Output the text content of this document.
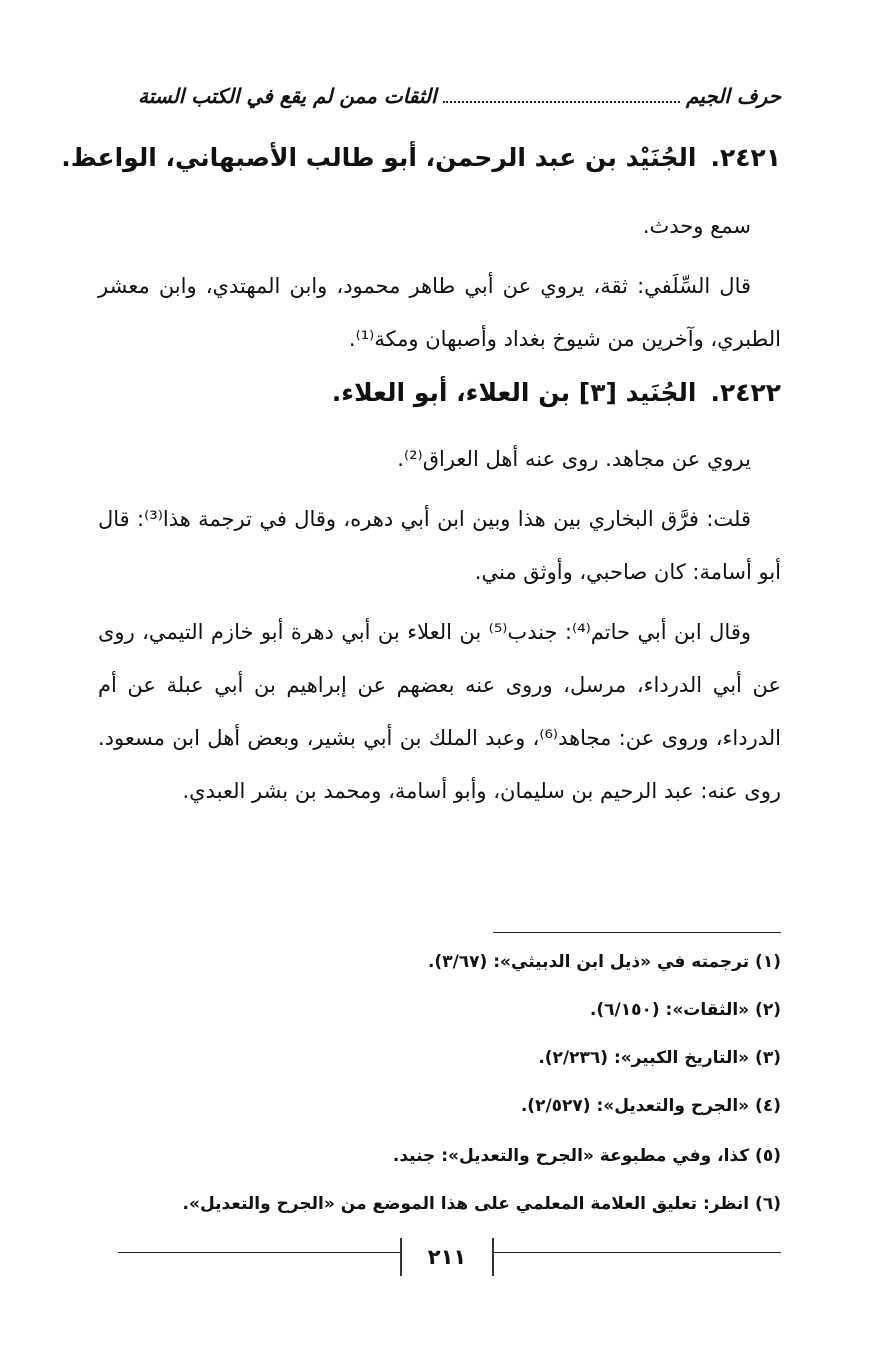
حرف الجيم
الثقات ممن لم يقع في الكتب الستة
٢٤٢١.الجُنَيْد بن عبد الرحمن، أبو طالب الأصبهاني، الواعظ.
سمع وحدث.
قال السِّلَفي: ثقة، يروي عن أبي طاهر محمود، وابن المهتدي، وابن معشر الطبري، وآخرين من شيوخ بغداد وأصبهان ومكة⁽¹⁾.
٢٤٢٢.الجُنَيد [٣] بن العلاء، أبو العلاء.
يروي عن مجاهد. روى عنه أهل العراق⁽²⁾.
قلت: فرَّق البخاري بين هذا وبين ابن أبي دهره، وقال في ترجمة هذا⁽³⁾: قال أبو أسامة: كان صاحبي، وأوثق مني.
وقال ابن أبي حاتم⁽⁴⁾: جندب⁽⁵⁾ بن العلاء بن أبي دهرة أبو خازم التيمي، روى عن أبي الدرداء، مرسل، وروى عنه بعضهم عن إبراهيم بن أبي عبلة عن أم الدرداء، وروى عن: مجاهد⁽⁶⁾، وعبد الملك بن أبي بشير، وبعض أهل ابن مسعود. روى عنه: عبد الرحيم بن سليمان، وأبو أسامة، ومحمد بن بشر العبدي.
(١) ترجمته في «ذيل ابن الدبيثي»: (٣/٦٧).
(٢) «الثقات»: (٦/١٥٠).
(٣) «التاريخ الكبير»: (٢/٢٣٦).
(٤) «الجرح والتعديل»: (٢/٥٢٧).
(٥) كذا، وفي مطبوعة «الجرح والتعديل»: جنيد.
(٦) انظر: تعليق العلامة المعلمي على هذا الموضع من «الجرح والتعديل».
٢١١
